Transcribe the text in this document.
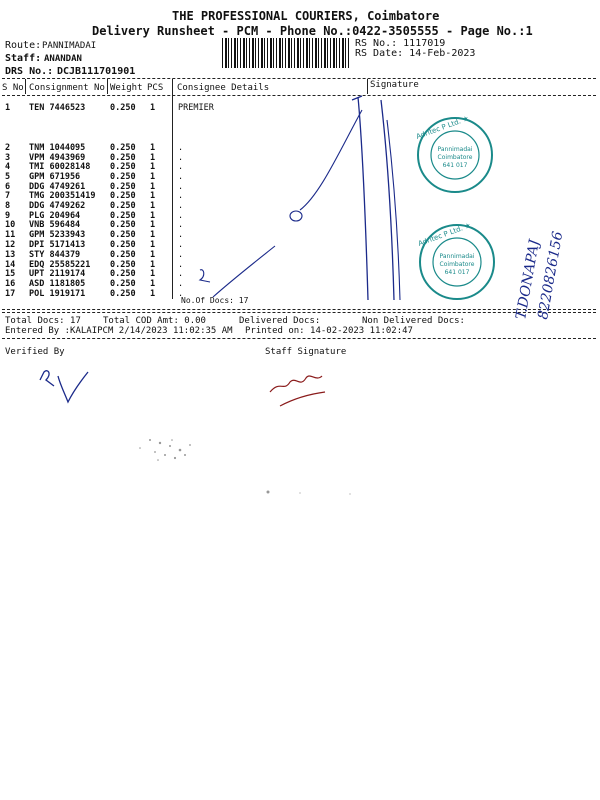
THE PROFESSIONAL COURIERS, Coimbatore
Delivery Runsheet - PCM - Phone No.:0422-3505555 - Page No.:1
Route: PANNIMADAI
Staff: ANANDAN
DRS No.: DCJB111701901
RS No.: 1117019
RS Date: 14-Feb-2023
S No Consignment No Weight PCS Consignee Details	Signature
1 TEN 7446523	0.250 1	PREMIER
2 TNM 1044095	0.250 1	.
3 VPM 4943969	0.250 1	.
4 TMI 60028148 0.250 1	.
5 GPM 671956	0.250 1	.
6 DDG 4749261	0.250 1	.
7 TMG 200351419 0.250 1	.
8 DDG 4749262	0.250 1	.
9 PLG 204964	0.250 1	.
10 VNB 596484	0.250 1	.
11 GPM 5233943	0.250 1	.
12 DPI 5171413	0.250 1	.
13 STY 844379	0.250 1	.
14 EDQ 25585221 0.250 1	.
15 UPT 2119174	0.250 1	.
16 ASD 1181805	0.250 1	.
17 POL 1919171	0.250 1	.
No.Of Docs: 17
Total Docs: 17 Total COD Amt: 0.00	Delivered Docs:	Non Delivered Docs:
Entered By :KALAIPCM 2/14/2023 11:02:35 AM Printed on: 14-02-2023 11:02:47
Verified By	Staff Signature
Pannimadai
Coimbatore
641 017
Adritec P Ltd. ★
Pannimadai
Coimbatore
641 017
Adritec P Ltd. ★
T.DONAPAJ
8220826156
